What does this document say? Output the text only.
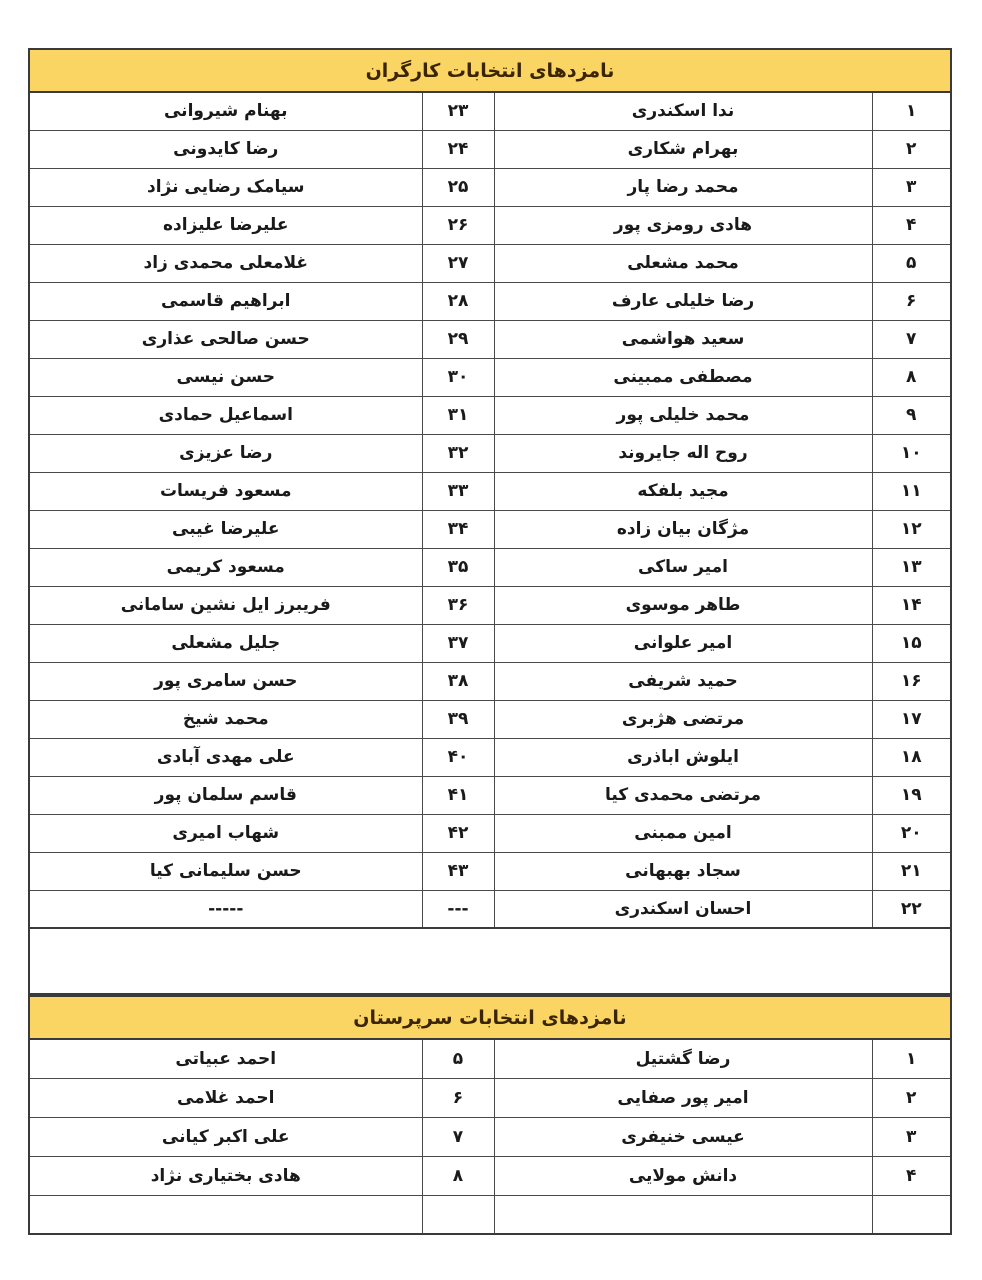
نامزدهای انتخابات کارگران			
۱	ندا اسکندری	۲۳	بهنام شیروانی
۲	بهرام شکاری	۲۴	رضا کایدونی
۳	محمد رضا پار	۲۵	سیامک رضایی نژاد
۴	هادی رومزی پور	۲۶	علیرضا علیزاده
۵	محمد مشعلی	۲۷	غلامعلی محمدی زاد
۶	رضا خلیلی عارف	۲۸	ابراهیم قاسمی
۷	سعید هواشمی	۲۹	حسن صالحی عذاری
۸	مصطفی ممبینی	۳۰	حسن نیسی
۹	محمد خلیلی پور	۳۱	اسماعیل حمادی
۱۰	روح اله جایروند	۳۲	رضا عزیزی
۱۱	مجید بلفکه	۳۳	مسعود فریسات
۱۲	مژگان بیان زاده	۳۴	علیرضا غیبی
۱۳	امیر ساکی	۳۵	مسعود کریمی
۱۴	طاهر موسوی	۳۶	فریبرز ایل نشین سامانی
۱۵	امیر علوانی	۳۷	جلیل مشعلی
۱۶	حمید شریفی	۳۸	حسن سامری پور
۱۷	مرتضی هژبری	۳۹	محمد شیخ
۱۸	ایلوش اباذری	۴۰	علی مهدی آبادی
۱۹	مرتضی محمدی کیا	۴۱	قاسم سلمان پور
۲۰	امین ممبنی	۴۲	شهاب امیری
۲۱	سجاد بهبهانی	۴۳	حسن سلیمانی کیا
۲۲	احسان اسکندری	---	-----

نامزدهای انتخابات سرپرستان			
۱	رضا گشتیل	۵	احمد عبیاتی
۲	امیر پور صفایی	۶	احمد غلامی
۳	عیسی خنیفری	۷	علی اکبر کیانی
۴	دانش مولایی	۸	هادی بختیاری نژاد
